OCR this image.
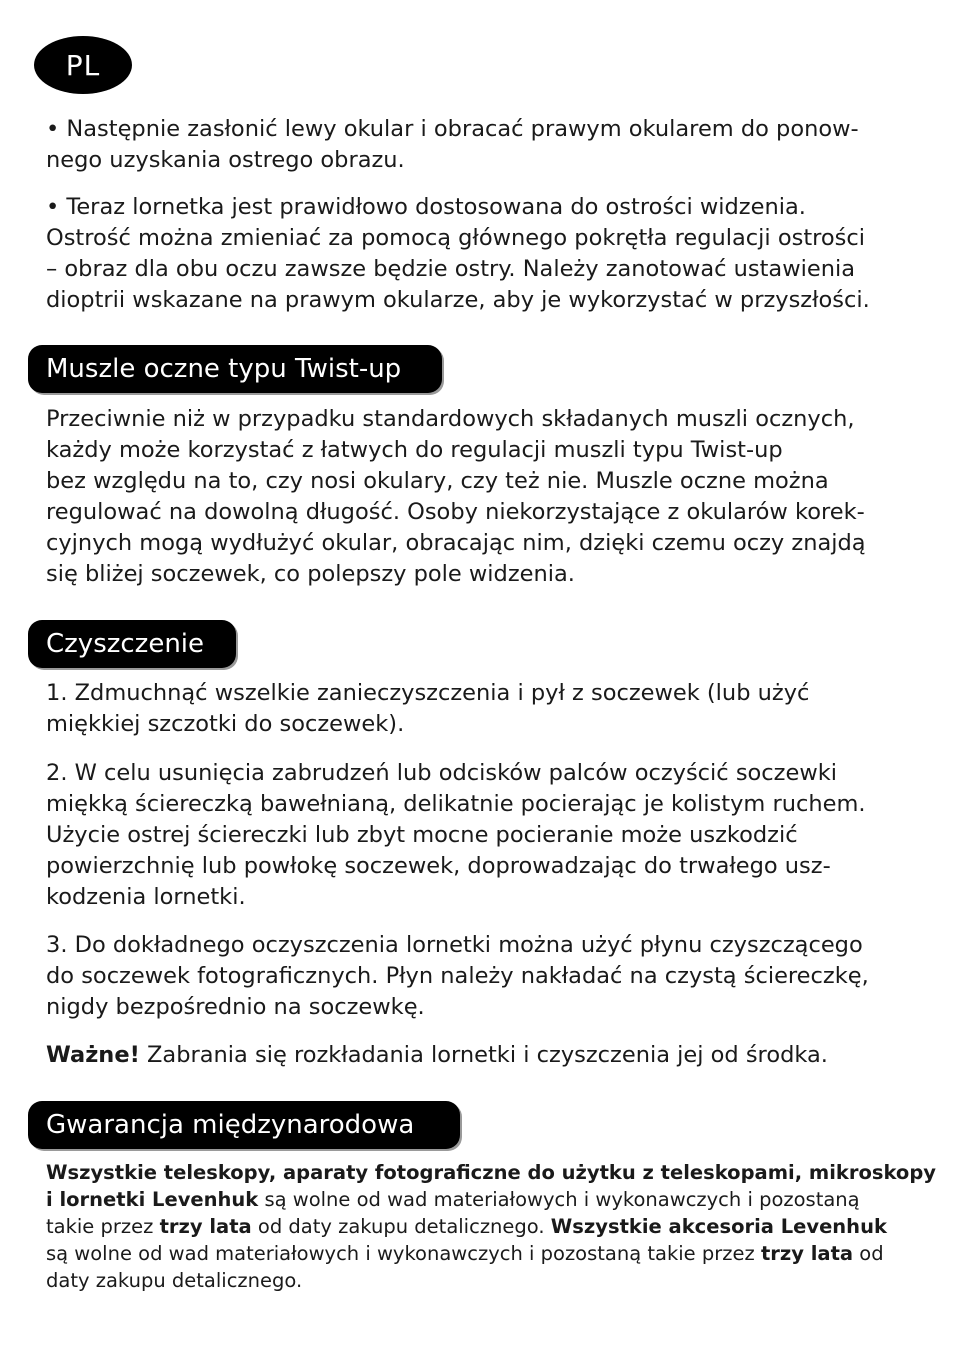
PL

• Następnie zasłonić lewy okular i obracać prawym okularem do ponow-
nego uzyskania ostrego obrazu.

• Teraz lornetka jest prawidłowo dostosowana do ostrości widzenia.
Ostrość można zmieniać za pomocą głównego pokrętła regulacji ostrości
– obraz dla obu oczu zawsze będzie ostry. Należy zanotować ustawienia
dioptrii wskazane na prawym okularze, aby je wykorzystać w przyszłości.

Muszle oczne typu Twist-up

Przeciwnie niż w przypadku standardowych składanych muszli ocznych,
każdy może korzystać z łatwych do regulacji muszli typu Twist-up
bez względu na to, czy nosi okulary, czy też nie. Muszle oczne można
regulować na dowolną długość. Osoby niekorzystające z okularów korek-
cyjnych mogą wydłużyć okular, obracając nim, dzięki czemu oczy znajdą
się bliżej soczewek, co polepszy pole widzenia.

Czyszczenie

1. Zdmuchnąć wszelkie zanieczyszczenia i pył z soczewek (lub użyć
miękkiej szczotki do soczewek).

2. W celu usunięcia zabrudzeń lub odcisków palców oczyścić soczewki
miękką ściereczką bawełnianą, delikatnie pocierając je kolistym ruchem.
Użycie ostrej ściereczki lub zbyt mocne pocieranie może uszkodzić
powierzchnię lub powłokę soczewek, doprowadzając do trwałego usz-
kodzenia lornetki.

3. Do dokładnego oczyszczenia lornetki można użyć płynu czyszczącego
do soczewek fotograficznych. Płyn należy nakładać na czystą ściereczkę,
nigdy bezpośrednio na soczewkę.

Ważne! Zabrania się rozkładania lornetki i czyszczenia jej od środka.

Gwarancja międzynarodowa

Wszystkie teleskopy, aparaty fotograficzne do użytku z teleskopami, mikroskopy
i lornetki Levenhuk są wolne od wad materiałowych i wykonawczych i pozostaną
takie przez trzy lata od daty zakupu detalicznego. Wszystkie akcesoria Levenhuk
są wolne od wad materiałowych i wykonawczych i pozostaną takie przez trzy lata od
daty zakupu detalicznego.
